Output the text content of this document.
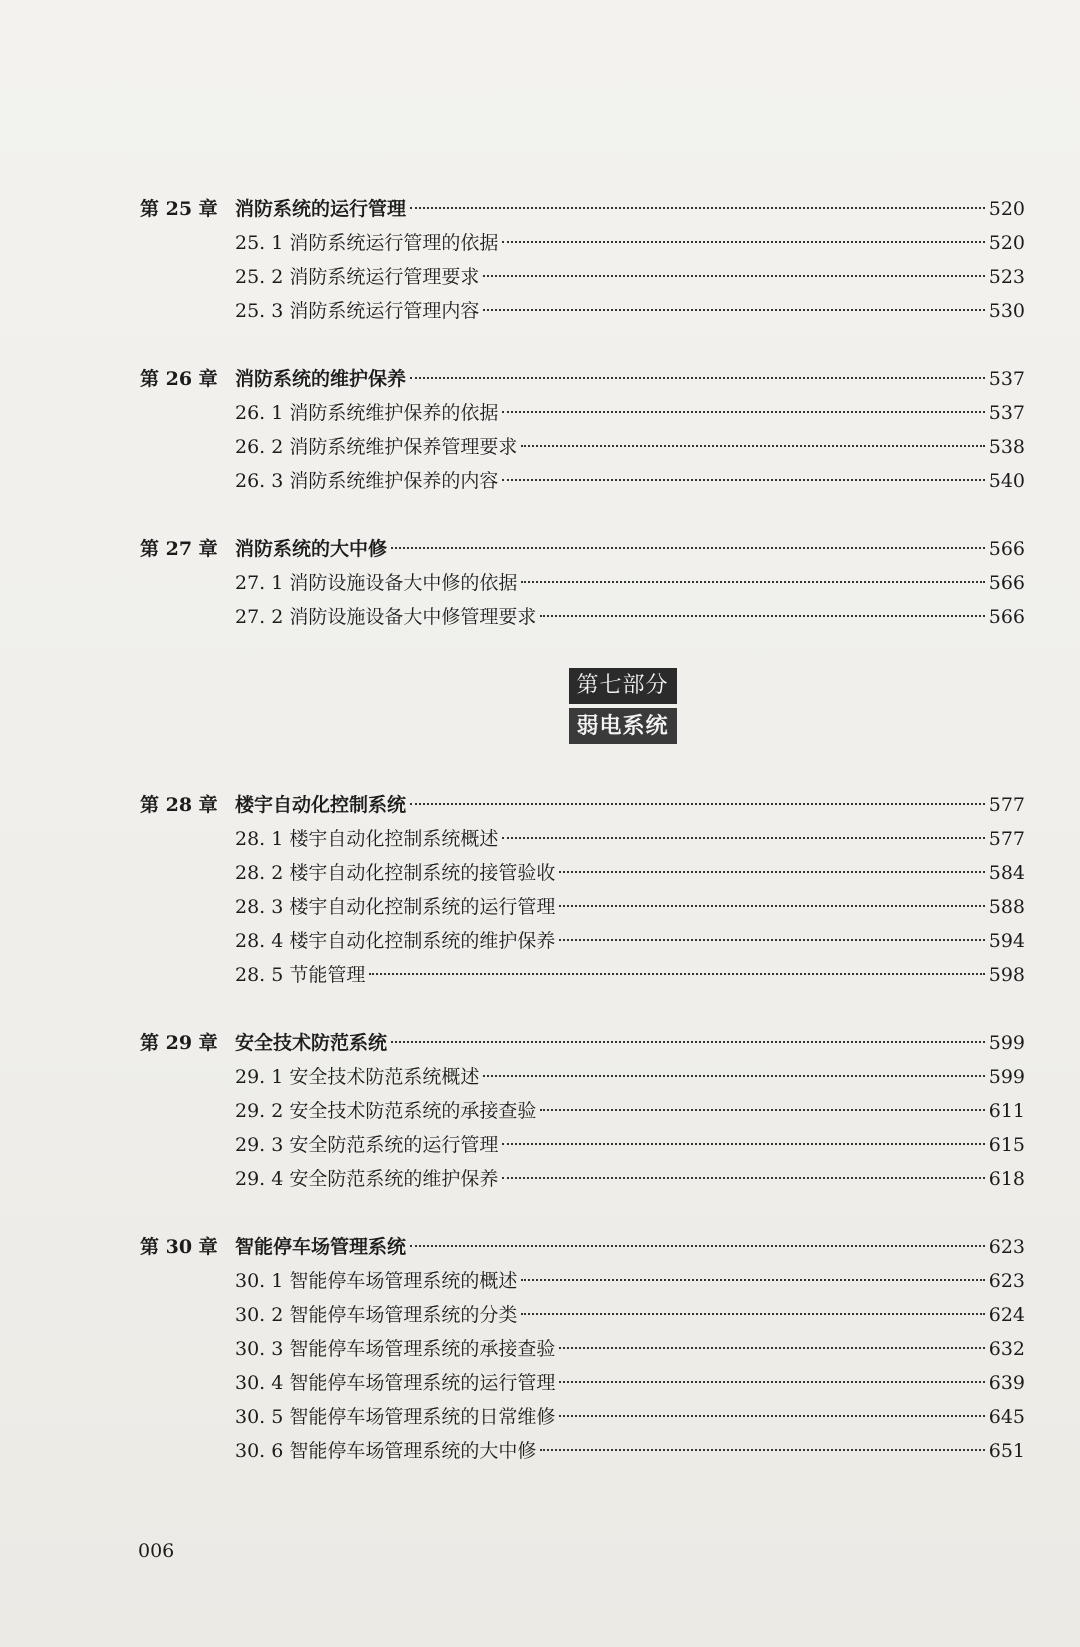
第 25 章 消防系统的运行管理	520
25. 1 消防系统运行管理的依据	520
25. 2 消防系统运行管理要求	523
25. 3 消防系统运行管理内容	530
第 26 章 消防系统的维护保养	537
26. 1 消防系统维护保养的依据	537
26. 2 消防系统维护保养管理要求	538
26. 3 消防系统维护保养的内容	540
第 27 章 消防系统的大中修	566
27. 1 消防设施设备大中修的依据	566
27. 2 消防设施设备大中修管理要求	566
第七部分
弱电系统
第 28 章 楼宇自动化控制系统	577
28. 1 楼宇自动化控制系统概述	577
28. 2 楼宇自动化控制系统的接管验收	584
28. 3 楼宇自动化控制系统的运行管理	588
28. 4 楼宇自动化控制系统的维护保养	594
28. 5 节能管理	598
第 29 章 安全技术防范系统	599
29. 1 安全技术防范系统概述	599
29. 2 安全技术防范系统的承接查验	611
29. 3 安全防范系统的运行管理	615
29. 4 安全防范系统的维护保养	618
第 30 章 智能停车场管理系统	623
30. 1 智能停车场管理系统的概述	623
30. 2 智能停车场管理系统的分类	624
30. 3 智能停车场管理系统的承接查验	632
30. 4 智能停车场管理系统的运行管理	639
30. 5 智能停车场管理系统的日常维修	645
30. 6 智能停车场管理系统的大中修	651
006
